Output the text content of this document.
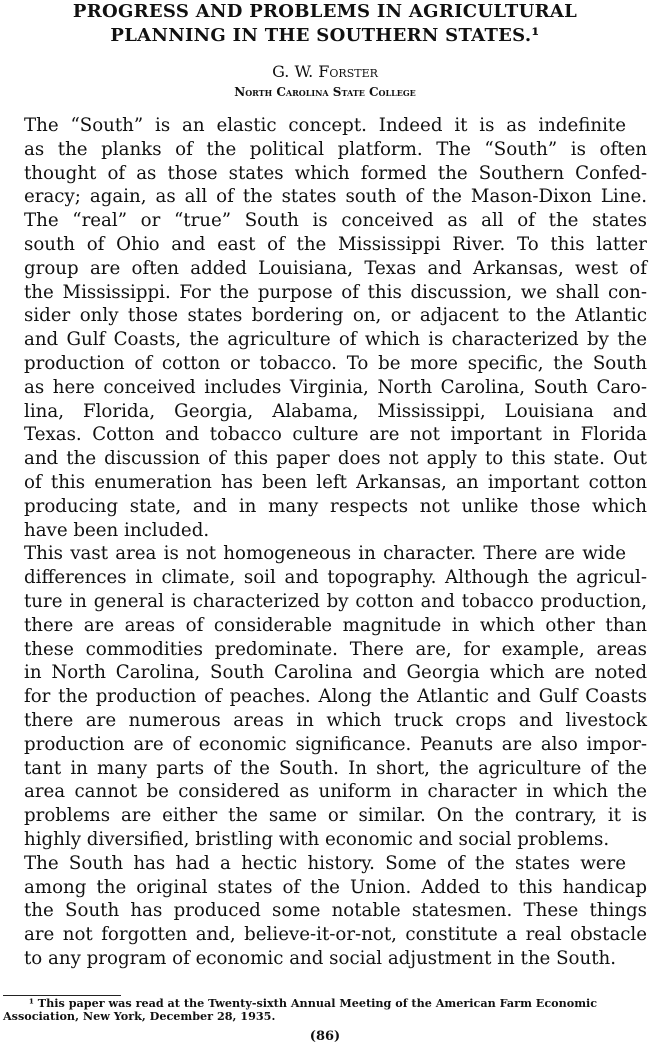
PROGRESS AND PROBLEMS IN AGRICULTURAL
PLANNING IN THE SOUTHERN STATES.¹
G. W. Forster
North Carolina State College

The “South” is an elastic concept. Indeed it is as indefinite
as the planks of the political platform. The “South” is often
thought of as those states which formed the Southern Confed-
eracy; again, as all of the states south of the Mason-Dixon Line.
The “real” or “true” South is conceived as all of the states
south of Ohio and east of the Mississippi River. To this latter
group are often added Louisiana, Texas and Arkansas, west of
the Mississippi. For the purpose of this discussion, we shall con-
sider only those states bordering on, or adjacent to the Atlantic
and Gulf Coasts, the agriculture of which is characterized by the
production of cotton or tobacco. To be more specific, the South
as here conceived includes Virginia, North Carolina, South Caro-
lina, Florida, Georgia, Alabama, Mississippi, Louisiana and
Texas. Cotton and tobacco culture are not important in Florida
and the discussion of this paper does not apply to this state. Out
of this enumeration has been left Arkansas, an important cotton
producing state, and in many respects not unlike those which
have been included.

This vast area is not homogeneous in character. There are wide
differences in climate, soil and topography. Although the agricul-
ture in general is characterized by cotton and tobacco production,
there are areas of considerable magnitude in which other than
these commodities predominate. There are, for example, areas
in North Carolina, South Carolina and Georgia which are noted
for the production of peaches. Along the Atlantic and Gulf Coasts
there are numerous areas in which truck crops and livestock
production are of economic significance. Peanuts are also impor-
tant in many parts of the South. In short, the agriculture of the
area cannot be considered as uniform in character in which the
problems are either the same or similar. On the contrary, it is
highly diversified, bristling with economic and social problems.

The South has had a hectic history. Some of the states were
among the original states of the Union. Added to this handicap
the South has produced some notable statesmen. These things
are not forgotten and, believe-it-or-not, constitute a real obstacle
to any program of economic and social adjustment in the South.

¹ This paper was read at the Twenty-sixth Annual Meeting of the American Farm Economic
Association, New York, December 28, 1935.
(86)
